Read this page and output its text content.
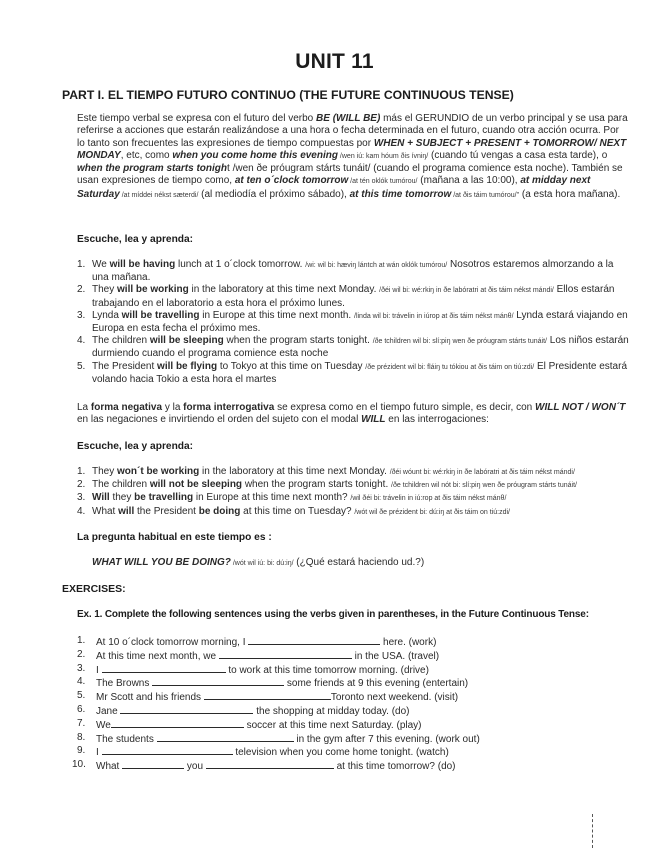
UNIT 11
PART I. EL TIEMPO FUTURO CONTINUO (THE FUTURE CONTINUOUS TENSE)
Este tiempo verbal se expresa con el futuro del verbo BE (WILL BE) más el GERUNDIO de un verbo principal y se usa para referirse a acciones que estarán realizándose a una hora o fecha determinada en el futuro, cuando otra acción ocurra. Por lo tanto son frecuentes las expresiones de tiempo compuestas por WHEN + SUBJECT + PRESENT + TOMORROW/ NEXT MONDAY, etc, como when you come home this evening /wen iú: kam hóum ðis ívniŋ/ (cuando tú vengas a casa esta tarde), o when the program starts tonight /wen ðe próugram stárts tunáit/ (cuando el programa comience esta noche). También se usan expresiones de tiempo como, at ten o´clock tomorrow /at tén oklók tumórou/ (mañana a las 10:00), at midday next Saturday /at míddei nékst sæterdi/ (al mediodía el próximo sábado), at this time tomorrow /at ðis táim tumórou/" (a esta hora mañana).
Escuche, lea y aprenda:
1. We will be having lunch at 1 o´clock tomorrow. /wi: wil bi: hæviŋ lántch at wán oklók tumórou/ Nosotros estaremos almorzando a la una mañana.
2. They will be working in the laboratory at this time next Monday. /ðéi wil bi: wé:rkiŋ in ðe labóratri at ðis táim nékst mándi/ Ellos estarán trabajando en el laboratorio a esta hora el próximo lunes.
3. Lynda will be travelling in Europe at this time next month. /linda wil bi: trávelin in iúrop at ðis táim nékst mánθ/ Lynda estará viajando en Europa en esta fecha el próximo mes.
4. The children will be sleeping when the program starts tonight. /ðe tchildren wil bi: slí:piŋ wen ðe próugram stárts tunáit/ Los niños estarán durmiendo cuando el programa comience esta noche
5. The President will be flying to Tokyo at this time on Tuesday /ðe prézident wil bi: fláiŋ tu tókiou at ðis táim on tiú:zdi/ El Presidente estará volando hacia Tokio a esta hora el martes
La forma negativa y la forma interrogativa se expresa como en el tiempo futuro simple, es decir, con WILL NOT / WON´T en las negaciones e invirtiendo el orden del sujeto con el modal WILL en las interrogaciones:
Escuche, lea y aprenda:
1. They won´t be working in the laboratory at this time next Monday. /ðéi wóunt bi: wé:rkiŋ in ðe labóratri at ðis táim nékst mándi/
2. The children will not be sleeping when the program starts tonight. /ðe tchildren wil nót bi: slí:piŋ wen ðe próugram stárts tunáit/
3. Will they be travelling in Europe at this time next month? /wil ðéi bi: trávelin in iú:rop at ðis táim nékst mánθ/
4. What will the President be doing at this time on Tuesday? /wót wil ðe prézident bi: dú:iŋ at ðis táim on tiú:zdi/
La pregunta habitual en este tiempo es :
WHAT WILL YOU BE DOING? /wót wil iú: bi: dú:iŋ/ (¿Qué estará haciendo ud.?)
EXERCISES:
Ex. 1. Complete the following sentences using the verbs given in parentheses, in the Future Continuous Tense:
1. At 10 o´clock tomorrow morning, I	here. (work)
2. At this time next month, we	in the USA. (travel)
3. I	to work at this time tomorrow morning. (drive)
4. The Browns	some friends at 9 this evening (entertain)
5. Mr Scott and his friends	Toronto next weekend. (visit)
6. Jane	the shopping at midday today. (do)
7. We	soccer at this time next Saturday. (play)
8. The students	in the gym after 7 this evening. (work out)
9. I	television when you come home tonight. (watch)
10. What	you	at this time tomorrow? (do)
